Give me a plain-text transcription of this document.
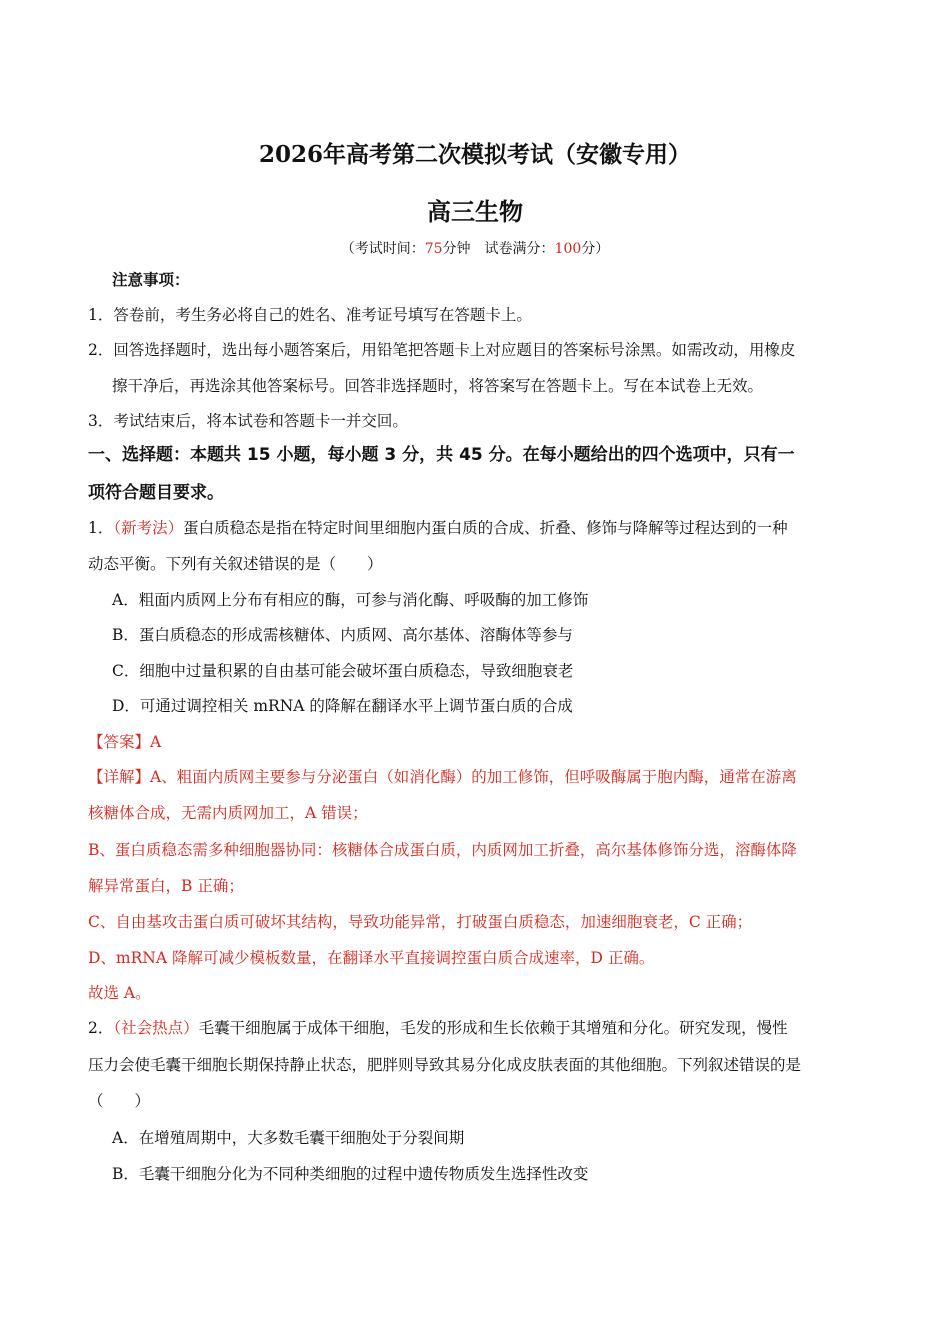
2026年高考第二次模拟考试（安徽专用）
高三生物
（考试时间：75分钟　试卷满分：100分）
注意事项：
1．答卷前，考生务必将自己的姓名、准考证号填写在答题卡上。
2．回答选择题时，选出每小题答案后，用铅笔把答题卡上对应题目的答案标号涂黑。如需改动，用橡皮
擦干净后，再选涂其他答案标号。回答非选择题时，将答案写在答题卡上。写在本试卷上无效。
3．考试结束后，将本试卷和答题卡一并交回。
一、选择题：本题共 15 小题，每小题 3 分，共 45 分。在每小题给出的四个选项中，只有一
项符合题目要求。
1．（新考法）蛋白质稳态是指在特定时间里细胞内蛋白质的合成、折叠、修饰与降解等过程达到的一种
动态平衡。下列有关叙述错误的是（　　）
A．粗面内质网上分布有相应的酶，可参与消化酶、呼吸酶的加工修饰
B．蛋白质稳态的形成需核糖体、内质网、高尔基体、溶酶体等参与
C．细胞中过量积累的自由基可能会破坏蛋白质稳态，导致细胞衰老
D．可通过调控相关 mRNA 的降解在翻译水平上调节蛋白质的合成
【答案】A
【详解】A、粗面内质网主要参与分泌蛋白（如消化酶）的加工修饰，但呼吸酶属于胞内酶，通常在游离
核糖体合成，无需内质网加工，A 错误；
B、蛋白质稳态需多种细胞器协同：核糖体合成蛋白质，内质网加工折叠，高尔基体修饰分选，溶酶体降
解异常蛋白，B 正确；
C、自由基攻击蛋白质可破坏其结构，导致功能异常，打破蛋白质稳态，加速细胞衰老，C 正确；
D、mRNA 降解可减少模板数量，在翻译水平直接调控蛋白质合成速率，D 正确。
故选 A。
2．（社会热点）毛囊干细胞属于成体干细胞，毛发的形成和生长依赖于其增殖和分化。研究发现，慢性
压力会使毛囊干细胞长期保持静止状态，肥胖则导致其易分化成皮肤表面的其他细胞。下列叙述错误的是
（　　）
A．在增殖周期中，大多数毛囊干细胞处于分裂间期
B．毛囊干细胞分化为不同种类细胞的过程中遗传物质发生选择性改变
